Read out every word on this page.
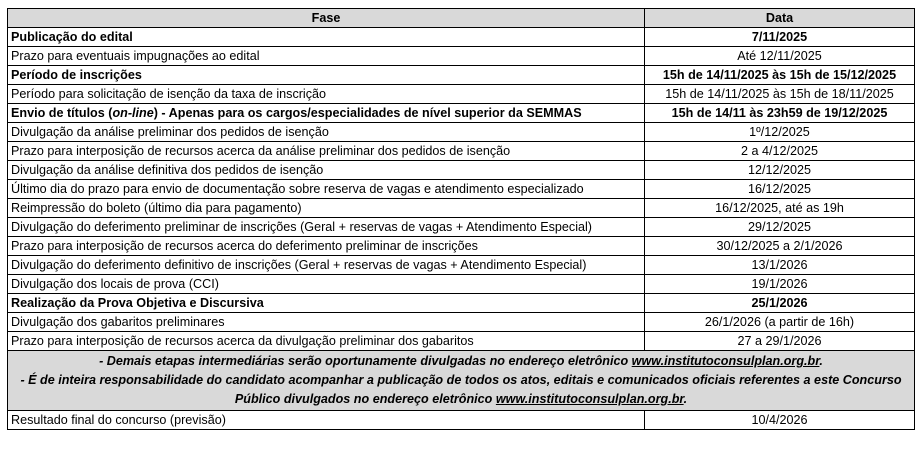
Fase	Data
Publicação do edital	7/11/2025
Prazo para eventuais impugnações ao edital	Até 12/11/2025
Período de inscrições	15h de 14/11/2025 às 15h de 15/12/2025
Período para solicitação de isenção da taxa de inscrição	15h de 14/11/2025 às 15h de 18/11/2025
Envio de títulos (on-line) - Apenas para os cargos/especialidades de nível superior da SEMMAS	15h de 14/11 às 23h59 de 19/12/2025
Divulgação da análise preliminar dos pedidos de isenção	1º/12/2025
Prazo para interposição de recursos acerca da análise preliminar dos pedidos de isenção	2 a 4/12/2025
Divulgação da análise definitiva dos pedidos de isenção	12/12/2025
Último dia do prazo para envio de documentação sobre reserva de vagas e atendimento especializado	16/12/2025
Reimpressão do boleto (último dia para pagamento)	16/12/2025, até as 19h
Divulgação do deferimento preliminar de inscrições (Geral + reservas de vagas + Atendimento Especial)	29/12/2025
Prazo para interposição de recursos acerca do deferimento preliminar de inscrições	30/12/2025 a 2/1/2026
Divulgação do deferimento definitivo de inscrições (Geral + reservas de vagas + Atendimento Especial)	13/1/2026
Divulgação dos locais de prova (CCI)	19/1/2026
Realização da Prova Objetiva e Discursiva	25/1/2026
Divulgação dos gabaritos preliminares	26/1/2026 (a partir de 16h)
Prazo para interposição de recursos acerca da divulgação preliminar dos gabaritos	27 a 29/1/2026

- Demais etapas intermediárias serão oportunamente divulgadas no endereço eletrônico www.institutoconsulplan.org.br.
- É de inteira responsabilidade do candidato acompanhar a publicação de todos os atos, editais e comunicados oficiais referentes a este Concurso Público divulgados no endereço eletrônico www.institutoconsulplan.org.br.	

Resultado final do concurso (previsão)	10/4/2026
